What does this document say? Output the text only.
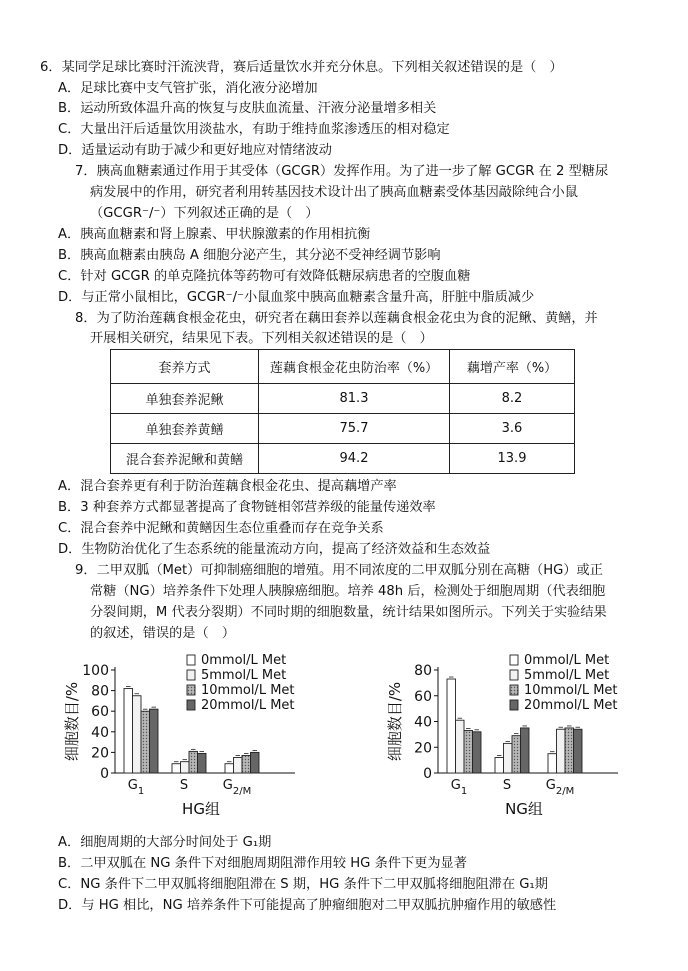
6．某同学足球比赛时汗流浃背，赛后适量饮水并充分休息。下列相关叙述错误的是（　）
A．足球比赛中支气管扩张，消化液分泌增加
B．运动所致体温升高的恢复与皮肤血流量、汗液分泌量增多相关
C．大量出汗后适量饮用淡盐水，有助于维持血浆渗透压的相对稳定
D．适量运动有助于减少和更好地应对情绪波动
7．胰高血糖素通过作用于其受体（GCGR）发挥作用。为了进一步了解 GCGR 在 2 型糖尿
病发展中的作用，研究者利用转基因技术设计出了胰高血糖素受体基因敲除纯合小鼠
（GCGR⁻/⁻）下列叙述正确的是（　）
A．胰高血糖素和肾上腺素、甲状腺激素的作用相抗衡
B．胰高血糖素由胰岛 A 细胞分泌产生，其分泌不受神经调节影响
C．针对 GCGR 的单克隆抗体等药物可有效降低糖尿病患者的空腹血糖
D．与正常小鼠相比，GCGR⁻/⁻小鼠血浆中胰高血糖素含量升高，肝脏中脂质减少
8．为了防治莲藕食根金花虫，研究者在藕田套养以莲藕食根金花虫为食的泥鳅、黄鳝，并
开展相关研究，结果见下表。下列相关叙述错误的是（　）
套养方式	莲藕食根金花虫防治率（%）	藕增产率（%）
单独套养泥鳅	81.3	8.2
单独套养黄鳝	75.7	3.6
混合套养泥鳅和黄鳝	94.2	13.9
A．混合套养更有利于防治莲藕食根金花虫、提高藕增产率
B．3 种套养方式都显著提高了食物链相邻营养级的能量传递效率
C．混合套养中泥鳅和黄鳝因生态位重叠而存在竞争关系
D．生物防治优化了生态系统的能量流动方向，提高了经济效益和生态效益
9．二甲双胍（Met）可抑制癌细胞的增殖。用不同浓度的二甲双胍分别在高糖（HG）或正
常糖（NG）培养条件下处理人胰腺癌细胞。培养 48h 后，检测处于细胞周期（代表细胞
分裂间期，M 代表分裂期）不同时期的细胞数量，统计结果如图所示。下列关于实验结果
的叙述，错误的是（　）
细胞数目/%
0
20
40
60
80
100
$G_1$	S	$G_{2/M}$
HG组
0mmol/L Met
5mmol/L Met
10mmol/L Met
20mmol/L Met	细胞数目/%
0
20
40
60
80
$G_1$	S	$G_{2/M}$
NG组
0mmol/L Met
5mmol/L Met
10mmol/L Met
20mmol/L Met
A．细胞周期的大部分时间处于 G₁期
B．二甲双胍在 NG 条件下对细胞周期阻滞作用较 HG 条件下更为显著
C．NG 条件下二甲双胍将细胞阻滞在 S 期，HG 条件下二甲双胍将细胞阻滞在 G₁期
D．与 HG 相比，NG 培养条件下可能提高了肿瘤细胞对二甲双胍抗肿瘤作用的敏感性
